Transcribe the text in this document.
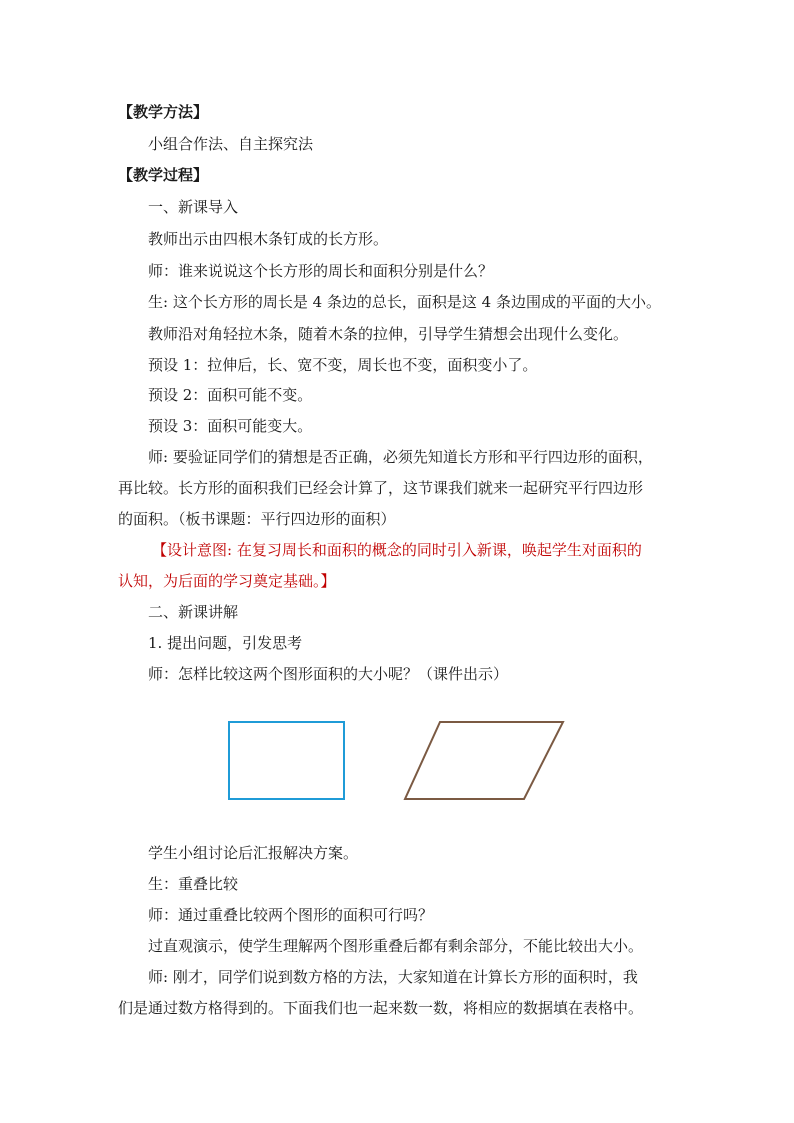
【教学方法】
小组合作法、自主探究法
【教学过程】
一、新课导入
教师出示由四根木条钉成的长方形。
师：谁来说说这个长方形的周长和面积分别是什么？
生: 这个长方形的周长是 4 条边的总长，面积是这 4 条边围成的平面的大小。
教师沿对角轻拉木条，随着木条的拉伸，引导学生猜想会出现什么变化。
预设 1：拉伸后，长、宽不变，周长也不变，面积变小了。
预设 2：面积可能不变。
预设 3：面积可能变大。
师: 要验证同学们的猜想是否正确，必须先知道长方形和平行四边形的面积，
再比较。长方形的面积我们已经会计算了，这节课我们就来一起研究平行四边形
的面积。（板书课题：平行四边形的面积）
【设计意图: 在复习周长和面积的概念的同时引入新课，唤起学生对面积的
认知，为后面的学习奠定基础。】
二、新课讲解
1. 提出问题，引发思考
师：怎样比较这两个图形面积的大小呢？（课件出示）
学生小组讨论后汇报解决方案。
生：重叠比较
师：通过重叠比较两个图形的面积可行吗？
过直观演示，使学生理解两个图形重叠后都有剩余部分，不能比较出大小。
师: 刚才，同学们说到数方格的方法，大家知道在计算长方形的面积时，我
们是通过数方格得到的。下面我们也一起来数一数，将相应的数据填在表格中。
